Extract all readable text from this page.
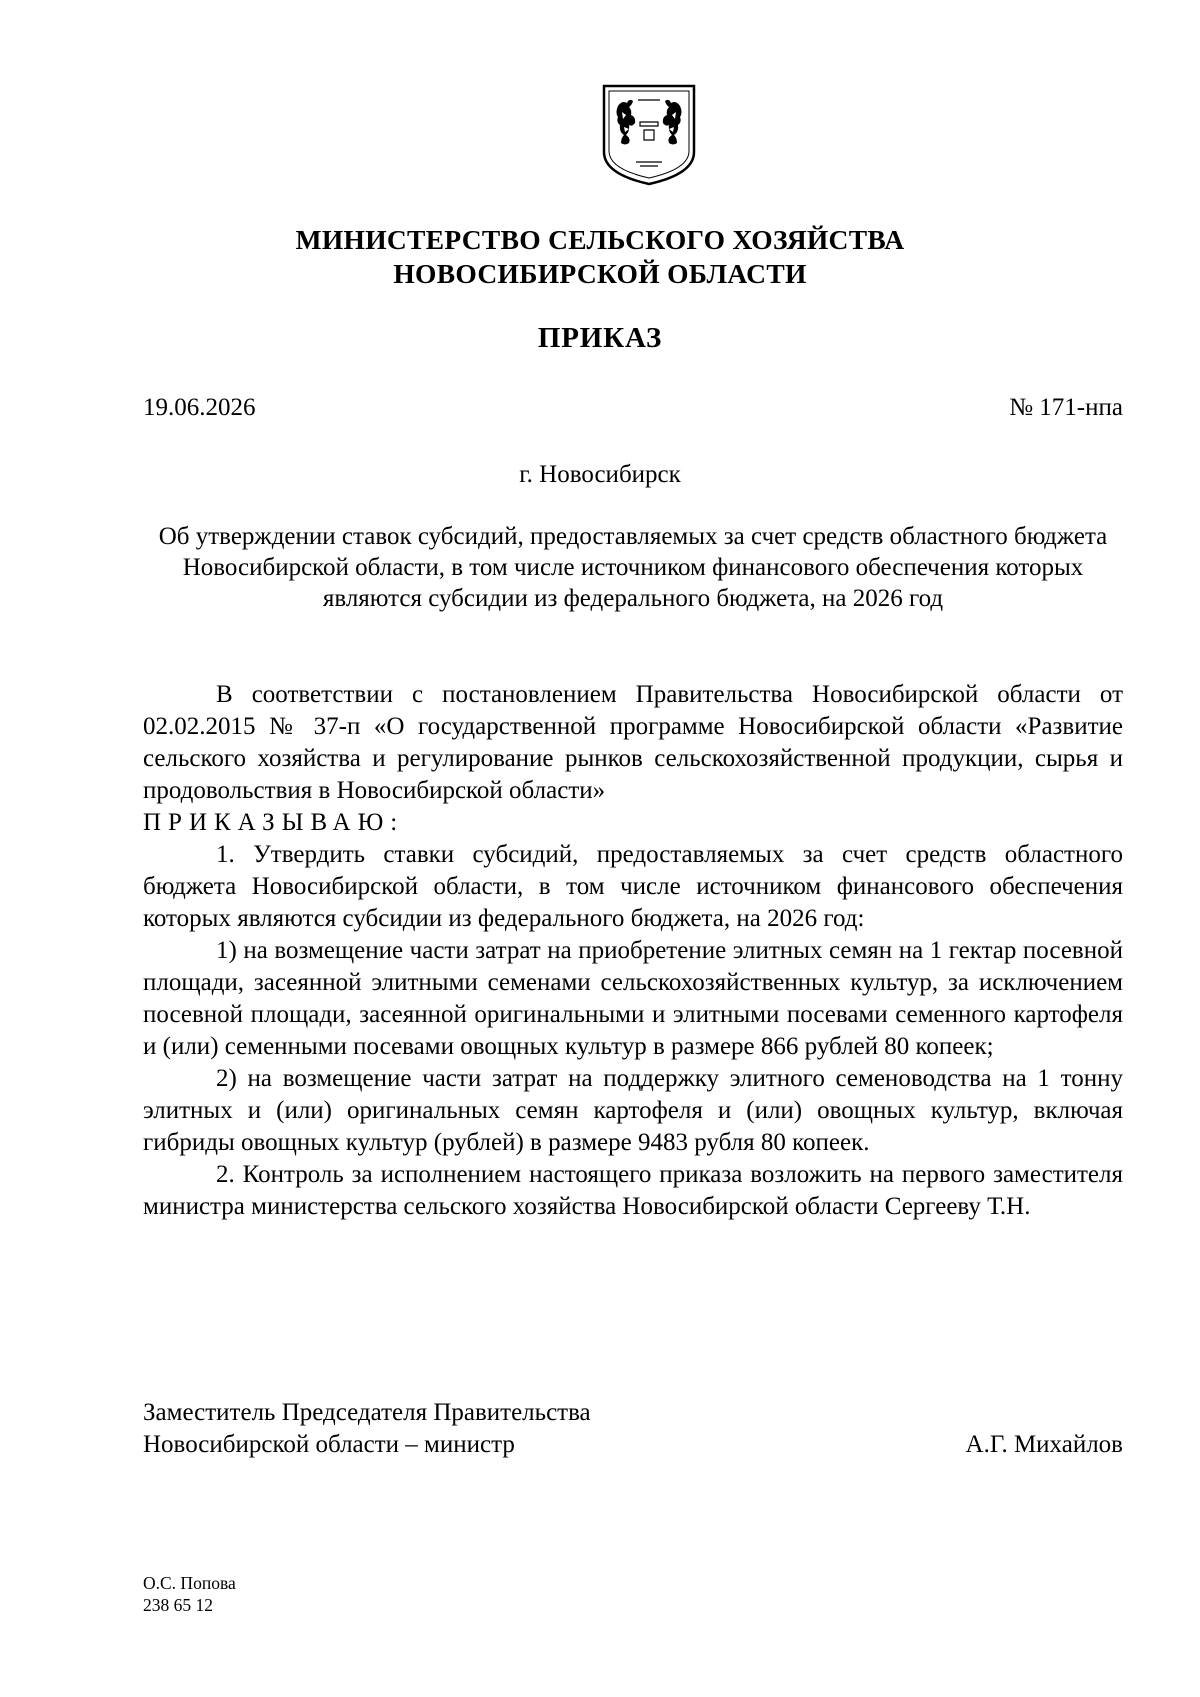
МИНИСТЕРСТВО СЕЛЬСКОГО ХОЗЯЙСТВА
НОВОСИБИРСКОЙ ОБЛАСТИ
ПРИКАЗ
19.06.2026	№ 171-нпа
г. Новосибирск
Об утверждении ставок субсидий, предоставляемых за счет средств областного бюджета Новосибирской области, в том числе источником финансового обеспечения которых являются субсидии из федерального бюджета, на 2026 год

В соответствии с постановлением Правительства Новосибирской области от 02.02.2015 № 37-п «О государственной программе Новосибирской области «Развитие сельского хозяйства и регулирование рынков сельскохозяйственной продукции, сырья и продовольствия в Новосибирской области»

ПРИКАЗЫВАЮ:

1. Утвердить ставки субсидий, предоставляемых за счет средств областного бюджета Новосибирской области, в том числе источником финансового обеспечения которых являются субсидии из федерального бюджета, на 2026 год:

1) на возмещение части затрат на приобретение элитных семян на 1 гектар посевной площади, засеянной элитными семенами сельскохозяйственных культур, за исключением посевной площади, засеянной оригинальными и элитными посевами семенного картофеля и (или) семенными посевами овощных культур в размере 866 рублей 80 копеек;

2) на возмещение части затрат на поддержку элитного семеноводства на 1 тонну элитных и (или) оригинальных семян картофеля и (или) овощных культур, включая гибриды овощных культур (рублей) в размере 9483 рубля 80 копеек.

2. Контроль за исполнением настоящего приказа возложить на первого заместителя министра министерства сельского хозяйства Новосибирской области Сергееву Т.Н.

Заместитель Председателя Правительства
Новосибирской области – министр	А.Г. Михайлов
О.С. Попова
238 65 12
